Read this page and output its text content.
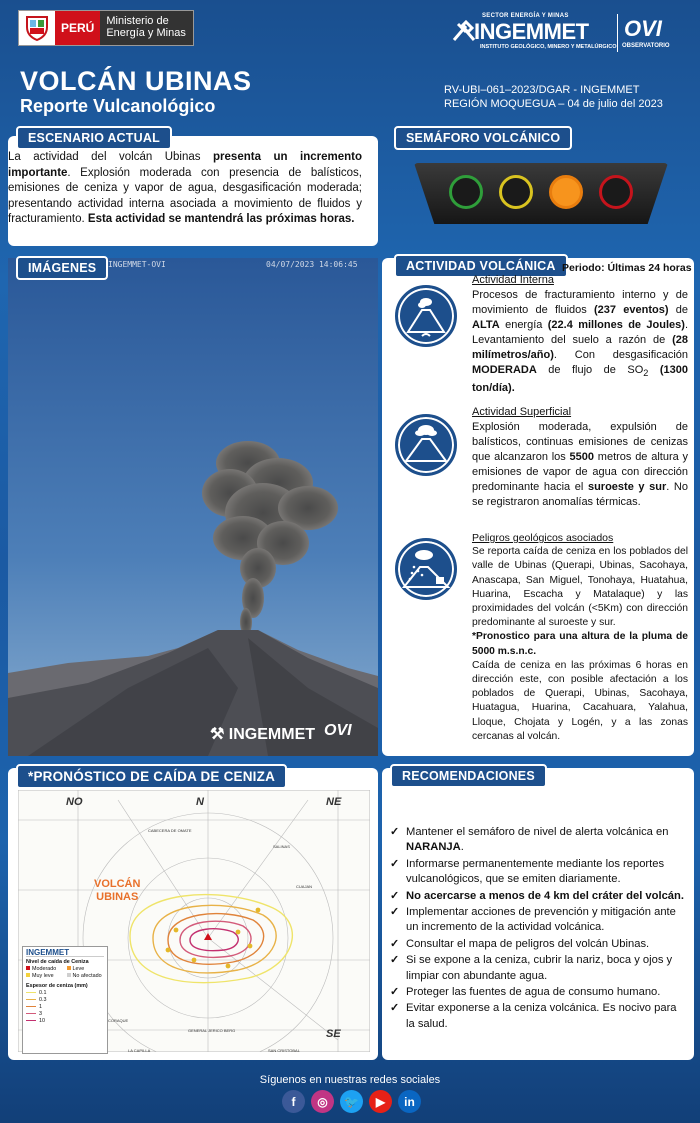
PERÚ	Ministerio de Energía y Minas
SECTOR ENERGÍA Y MINAS
INGEMMET
INSTITUTO GEOLÓGICO, MINERO Y METALÚRGICO
OVI
OBSERVATORIO
VOLCÁN UBINAS
Reporte Vulcanológico
RV-UBI–061–2023/DGAR - INGEMMET
REGIÓN MOQUEGUA – 04 de julio del 2023
ESCENARIO ACTUAL
La actividad del volcán Ubinas presenta un incremento importante. Explosión moderada con presencia de balísticos, emisiones de ceniza y vapor de agua, desgasificación moderada; presentando actividad interna asociada a movimiento de fluidos y fracturamiento. Esta actividad se mantendrá las próximas horas.
SEMÁFORO VOLCÁNICO
INGEMMET-OVI	04/07/2023 14:06:45
⚒ INGEMMET OVI
IMÁGENES	ACTIVIDAD VOLCÁNICA Periodo: Últimas 24 horas
Actividad Interna

Procesos de fracturamiento interno y de movimiento de fluidos (237 eventos) de ALTA energía (22.4 millones de Joules). Levantamiento del suelo a razón de (28 milímetros/año). Con desgasificación MODERADA de flujo de $SO_2$ (1300 ton/día).

Actividad Superficial

Explosión moderada, expulsión de balísticos, continuas emisiones de cenizas que alcanzaron los 5500 metros de altura y emisiones de vapor de agua con dirección predominante hacia el suroeste y sur. No se registraron anomalías térmicas.

Peligros geológicos asociados

Se reporta caída de ceniza en los poblados del valle de Ubinas (Querapi, Ubinas, Sacohaya, Anascapa, San Miguel, Tonohaya, Huatahua, Huarina, Escacha y Matalaque) y las proximidades del volcán (<5Km) con dirección predominante al suroeste y sur.

*Pronostico para una altura de la pluma de 5000 m.s.n.c.

Caída de ceniza en las próximas 6 horas en dirección este, con posible afectación a los poblados de Querapi, Ubinas, Sacohaya, Huatagua, Huarina, Cacahuara, Yalahua, Lloque, Chojata y Logén, y a las zonas cercanas al volcán.

CABECERA DE OMATE
CUAJAN
SALINAS
CORAQUE
GENERAL JERICO BERG
LA CAPILLA	SAN CRISTOBAL
NO	N	NE
SE
VOLCÁN
UBINAS
INGEMMET
Nivel de caída de Ceniza
Moderado	Leve
Muy leve	No afectado
Espesor de ceniza (mm)
0.1
0.3
1
3
10
*PRONÓSTICO DE CAÍDA DE CENIZA	RECOMENDACIONES
✓ Mantener el semáforo de nivel de alerta volcánica en NARANJA.
✓ Informarse permanentemente mediante los reportes vulcanológicos, que se emiten diariamente.
✓ No acercarse a menos de 4 km del cráter del volcán.
✓ Implementar acciones de prevención y mitigación ante un incremento de la actividad volcánica.
✓ Consultar el mapa de peligros del volcán Ubinas.
✓ Si se expone a la ceniza, cubrir la nariz, boca y ojos y limpiar con abundante agua.
✓ Proteger las fuentes de agua de consumo humano.
✓ Evitar exponerse a la ceniza volcánica. Es nocivo para la salud.
Síguenos en nuestras redes sociales
f	◎	🐦	▶	in
